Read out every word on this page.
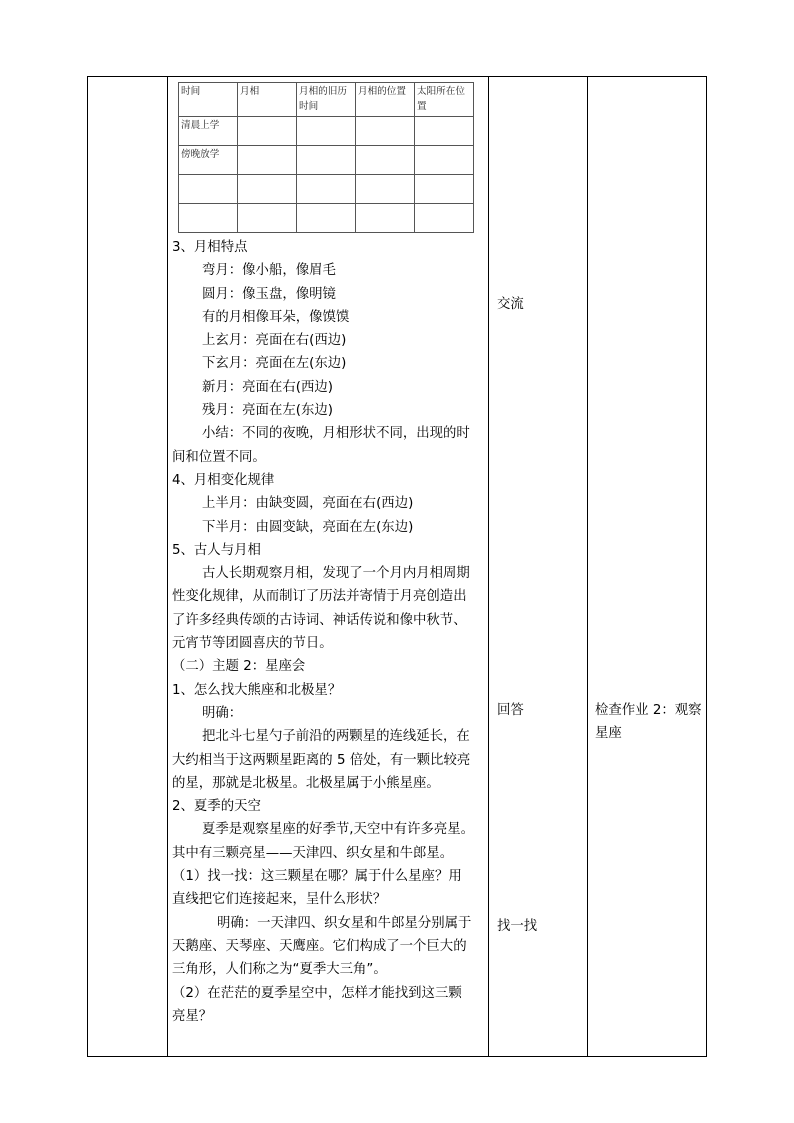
时间	月相	月相的旧历时间	月相的位置	太阳所在位置
清晨上学				
傍晚放学				

3、月相特点
弯月：像小船，像眉毛
圆月：像玉盘，像明镜
有的月相像耳朵，像馍馍
上玄月：亮面在右(西边)
下玄月：亮面在左(东边)
新月：亮面在右(西边)
残月：亮面在左(东边)
小结：不同的夜晚，月相形状不同，出现的时
间和位置不同。
4、月相变化规律
上半月：由缺变圆，亮面在右(西边)
下半月：由圆变缺，亮面在左(东边)
5、古人与月相
古人长期观察月相，发现了一个月内月相周期
性变化规律，从而制订了历法并寄情于月亮创造出
了许多经典传颂的古诗词、神话传说和像中秋节、
元宵节等团圆喜庆的节日。
（二）主题 2：星座会
1、怎么找大熊座和北极星？
明确：
把北斗七星勺子前沿的两颗星的连线延长，在
大约相当于这两颗星距离的 5 倍处，有一颗比较亮
的星，那就是北极星。北极星属于小熊星座。
2、夏季的天空
夏季是观察星座的好季节,天空中有许多亮星。
其中有三颗亮星——天津四、织女星和牛郎星。
（1）找一找：这三颗星在哪？属于什么星座？用
直线把它们连接起来，呈什么形状？
明确：一天津四、织女星和牛郎星分别属于
天鹅座、天琴座、天鹰座。它们构成了一个巨大的
三角形，人们称之为“夏季大三角”。
（2）在茫茫的夏季星空中，怎样才能找到这三颗
亮星？
交流
回答
找一找
检查作业 2：观察
星座
